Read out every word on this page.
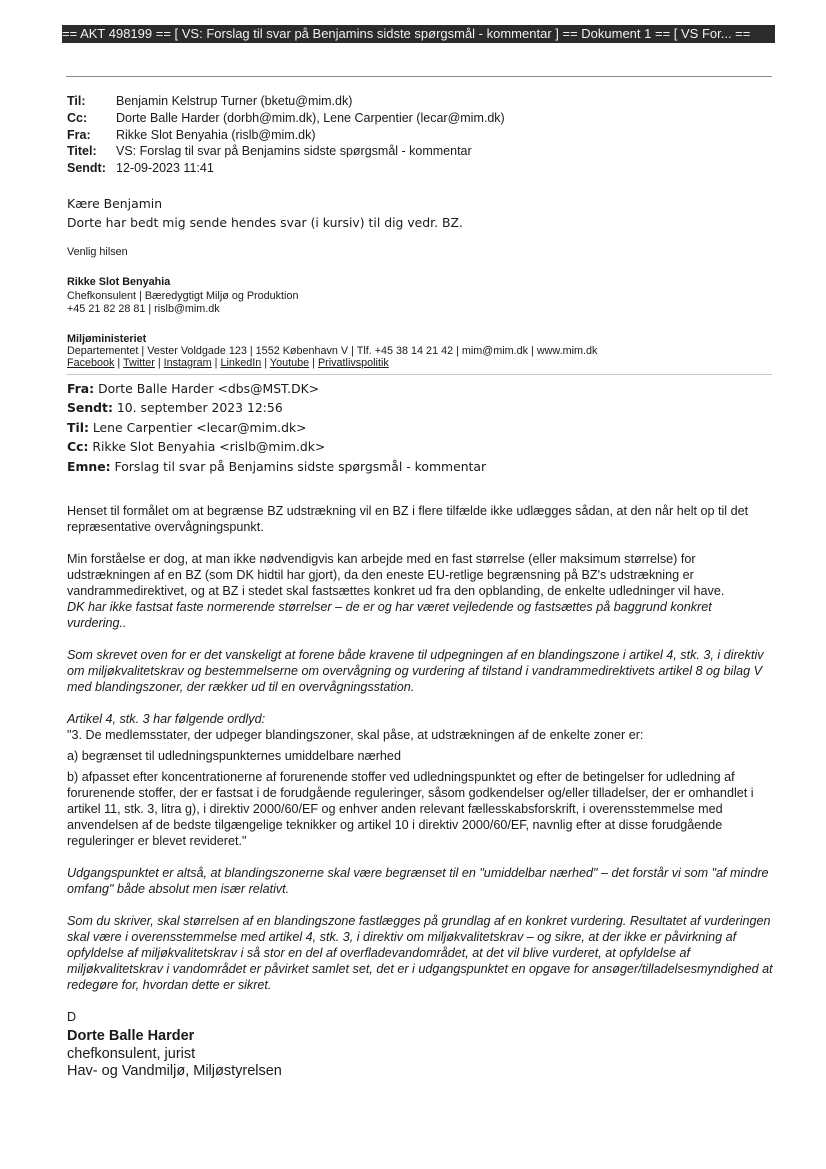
== AKT 498199 == [ VS: Forslag til svar på Benjamins sidste spørgsmål - kommentar ] == Dokument 1 == [ VS For... ==
Til:	Benjamin Kelstrup Turner (bketu@mim.dk)
Cc:	Dorte Balle Harder (dorbh@mim.dk), Lene Carpentier (lecar@mim.dk)
Fra:	Rikke Slot Benyahia (rislb@mim.dk)
Titel:	VS: Forslag til svar på Benjamins sidste spørgsmål - kommentar
Sendt: 12-09-2023 11:41
Kære Benjamin
Dorte har bedt mig sende hendes svar (i kursiv) til dig vedr. BZ.
Venlig hilsen
Rikke Slot Benyahia
Chefkonsulent | Bæredygtigt Miljø og Produktion
+45 21 82 28 81 | rislb@mim.dk
Miljøministeriet
Departementet | Vester Voldgade 123 | 1552 København V | Tlf. +45 38 14 21 42 | mim@mim.dk | www.mim.dk
Facebook | Twitter | Instagram | LinkedIn | Youtube | Privatlivspolitik
Fra: Dorte Balle Harder <dbs@MST.DK>
Sendt: 10. september 2023 12:56
Til: Lene Carpentier <lecar@mim.dk>
Cc: Rikke Slot Benyahia <rislb@mim.dk>
Emne: Forslag til svar på Benjamins sidste spørgsmål - kommentar

Henset til formålet om at begrænse BZ udstrækning vil en BZ i flere tilfælde ikke udlægges sådan, at den når helt op til det repræsentative overvågningspunkt.

Min forståelse er dog, at man ikke nødvendigvis kan arbejde med en fast størrelse (eller maksimum størrelse) for udstrækningen af en BZ (som DK hidtil har gjort), da den eneste EU-retlige begrænsning på BZ's udstrækning er vandrammedirektivet, og at BZ i stedet skal fastsættes konkret ud fra den opblanding, de enkelte udledninger vil have.

DK har ikke fastsat faste normerende størrelser – de er og har været vejledende og fastsættes på baggrund konkret vurdering..

Som skrevet oven for er det vanskeligt at forene både kravene til udpegningen af en blandingszone i artikel 4, stk. 3, i direktiv om miljøkvalitetskrav og bestemmelserne om overvågning og vurdering af tilstand i vandrammedirektivets artikel 8 og bilag V med blandingszoner, der rækker ud til en overvågningsstation.

Artikel 4, stk. 3 har følgende ordlyd:

"3. De medlemsstater, der udpeger blandingszoner, skal påse, at udstrækningen af de enkelte zoner er:

a) begrænset til udledningspunkternes umiddelbare nærhed

b) afpasset efter koncentrationerne af forurenende stoffer ved udledningspunktet og efter de betingelser for udledning af forurenende stoffer, der er fastsat i de forudgående reguleringer, såsom godkendelser og/eller tilladelser, der er omhandlet i artikel 11, stk. 3, litra g), i direktiv 2000/60/EF og enhver anden relevant fællesskabsforskrift, i overensstemmelse med anvendelsen af de bedste tilgængelige teknikker og artikel 10 i direktiv 2000/60/EF, navnlig efter at disse forudgående reguleringer er blevet revideret."

Udgangspunktet er altså, at blandingszonerne skal være begrænset til en "umiddelbar nærhed" – det forstår vi som "af mindre omfang" både absolut men især relativt.

Som du skriver, skal størrelsen af en blandingszone fastlægges på grundlag af en konkret vurdering. Resultatet af vurderingen skal være i overensstemmelse med artikel 4, stk. 3, i direktiv om miljøkvalitetskrav – og sikre, at der ikke er påvirkning af opfyldelse af miljøkvalitetskrav i så stor en del af overfladevandområdet, at det vil blive vurderet, at opfyldelse af miljøkvalitetskrav i vandområdet er påvirket samlet set, det er i udgangspunktet en opgave for ansøger/tilladelsesmyndighed at redegøre for, hvordan dette er sikret.

D

Dorte Balle Harder
chefkonsulent, jurist
Hav- og Vandmiljø, Miljøstyrelsen
